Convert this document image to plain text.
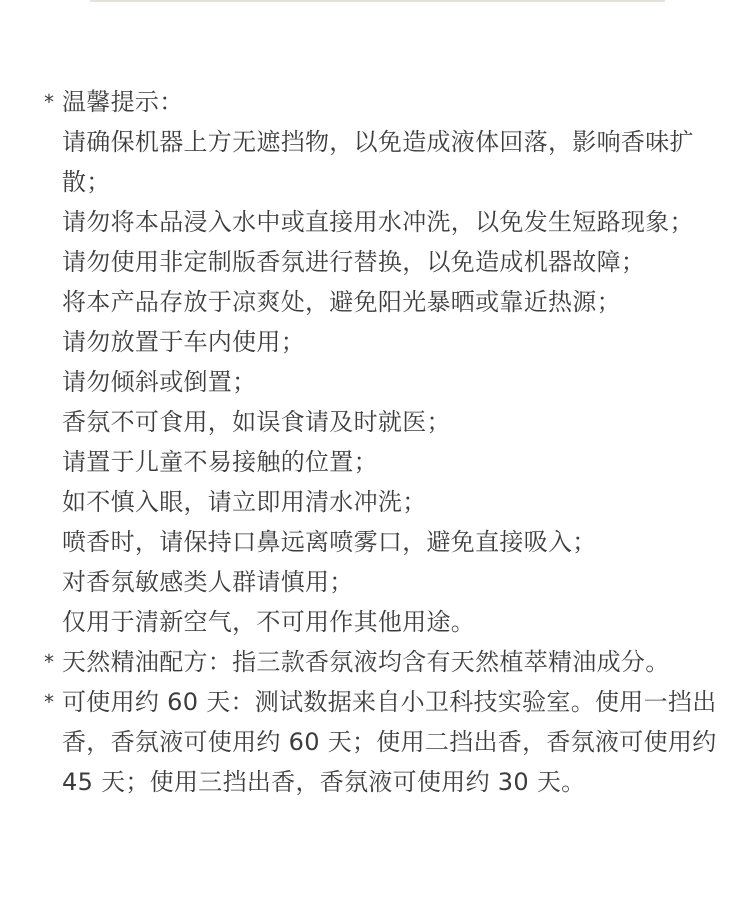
* 温馨提示：
请确保机器上方无遮挡物，以免造成液体回落，影响香味扩散；
请勿将本品浸入水中或直接用水冲洗，以免发生短路现象；
请勿使用非定制版香氛进行替换，以免造成机器故障；
将本产品存放于凉爽处，避免阳光暴晒或靠近热源；
请勿放置于车内使用；
请勿倾斜或倒置；
香氛不可食用，如误食请及时就医；
请置于儿童不易接触的位置；
如不慎入眼，请立即用清水冲洗；
喷香时，请保持口鼻远离喷雾口，避免直接吸入；
对香氛敏感类人群请慎用；
仅用于清新空气，不可用作其他用途。
* 天然精油配方：指三款香氛液均含有天然植萃精油成分。
* 可使用约 60 天：测试数据来自小卫科技实验室。使用一挡出香，香氛液可使用约 60 天；使用二挡出香，香氛液可使用约 45 天；使用三挡出香，香氛液可使用约 30 天。
